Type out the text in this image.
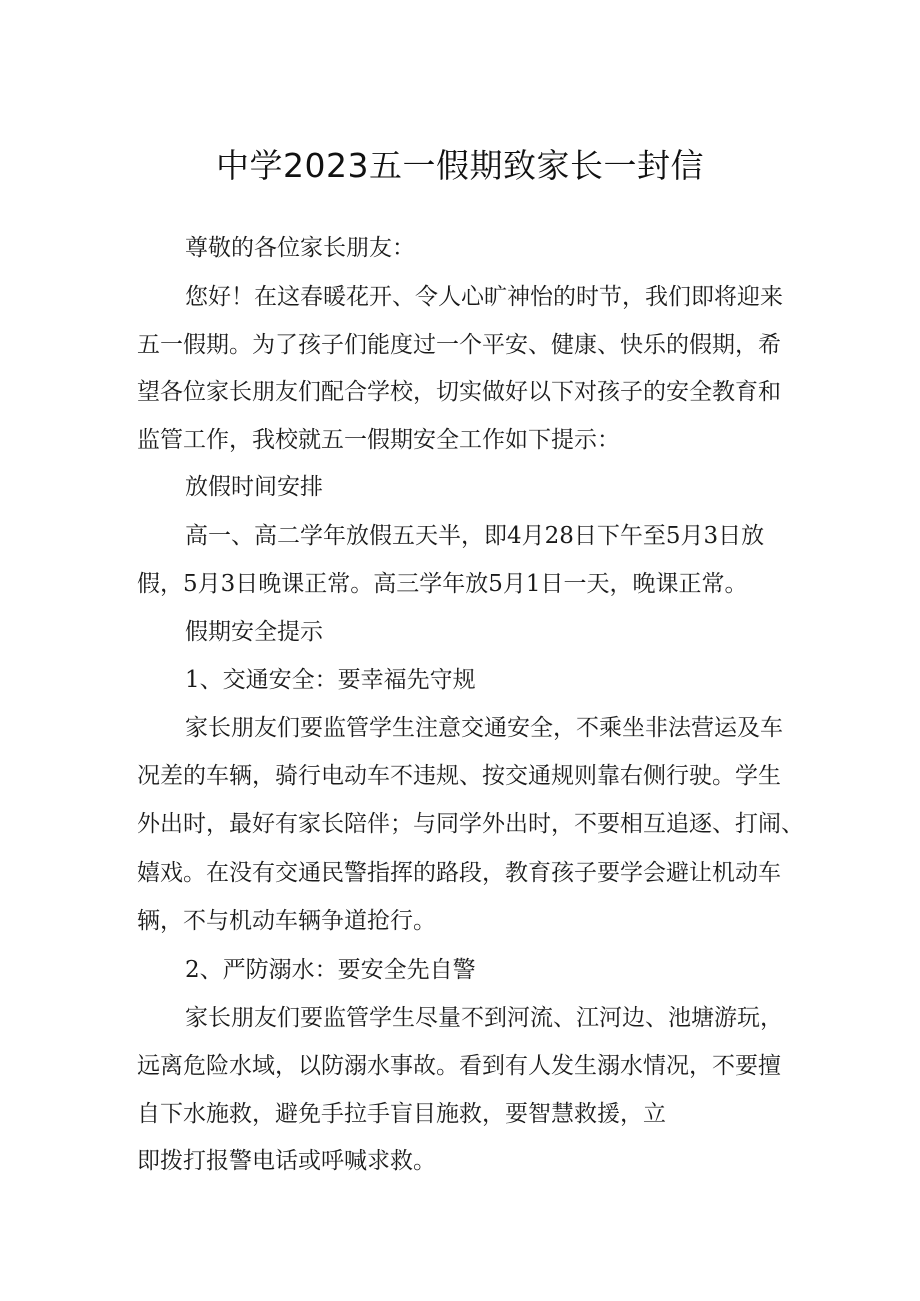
中学2023五一假期致家长一封信
尊敬的各位家长朋友：
您好！在这春暖花开、令人心旷神怡的时节，我们即将迎来
五一假期。为了孩子们能度过一个平安、健康、快乐的假期，希
望各位家长朋友们配合学校，切实做好以下对孩子的安全教育和
监管工作，我校就五一假期安全工作如下提示：
放假时间安排
高一、高二学年放假五天半，即4月28日下午至5月3日放
假，5月3日晚课正常。高三学年放5月1日一天，晚课正常。
假期安全提示
1、交通安全：要幸福先守规
家长朋友们要监管学生注意交通安全，不乘坐非法营运及车
况差的车辆，骑行电动车不违规、按交通规则靠右侧行驶。学生
外出时，最好有家长陪伴；与同学外出时，不要相互追逐、打闹、
嬉戏。在没有交通民警指挥的路段，教育孩子要学会避让机动车
辆，不与机动车辆争道抢行。
2、严防溺水：要安全先自警
家长朋友们要监管学生尽量不到河流、江河边、池塘游玩，
远离危险水域，以防溺水事故。看到有人发生溺水情况，不要擅
自下水施救，避免手拉手盲目施救，要智慧救援，立
即拨打报警电话或呼喊求救。
